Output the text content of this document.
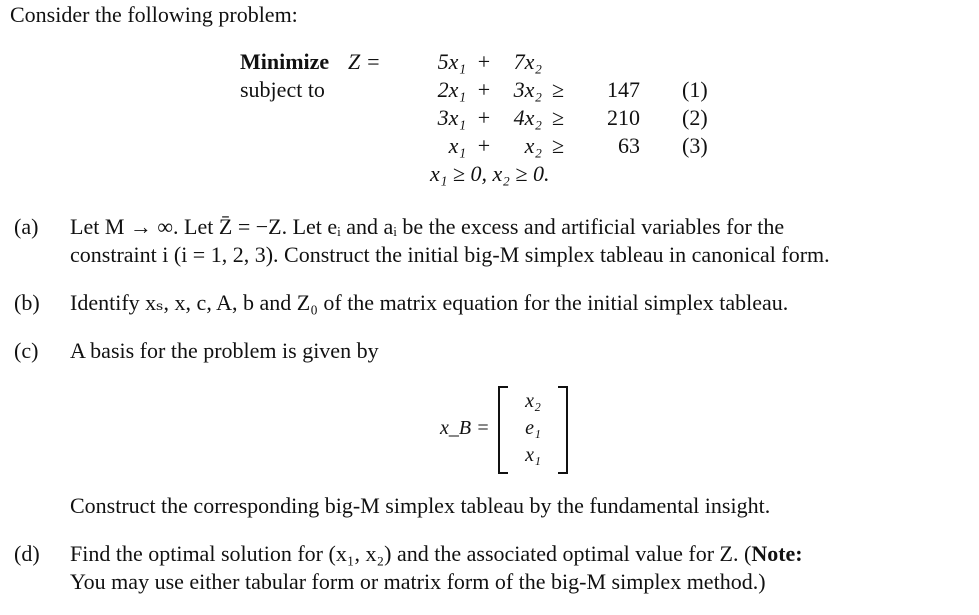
Consider the following problem:
Minimize	Z =	5x₁	+	7x₂			
subject to		2x₁	+	3x₂	≥	147	(1)
		3x₁	+	4x₂	≥	210	(2)
		x₁	+	x₂	≥	63	(3)
		x₁ ≥ 0, x₂ ≥ 0.					
(a) Let M → ∞. Let Z̄ = −Z. Let eᵢ and aᵢ be the excess and artificial variables for the
constraint i (i = 1, 2, 3). Construct the initial big-M simplex tableau in canonical form.
(b) Identify xₛ, x, c, A, b and Z₀ of the matrix equation for the initial simplex tableau.
(c) A basis for the problem is given by
x_B =
x₂
e₁
x₁
Construct the corresponding big-M simplex tableau by the fundamental insight.
(d) Find the optimal solution for (x₁, x₂) and the associated optimal value for Z. (Note:
You may use either tabular form or matrix form of the big-M simplex method.)
